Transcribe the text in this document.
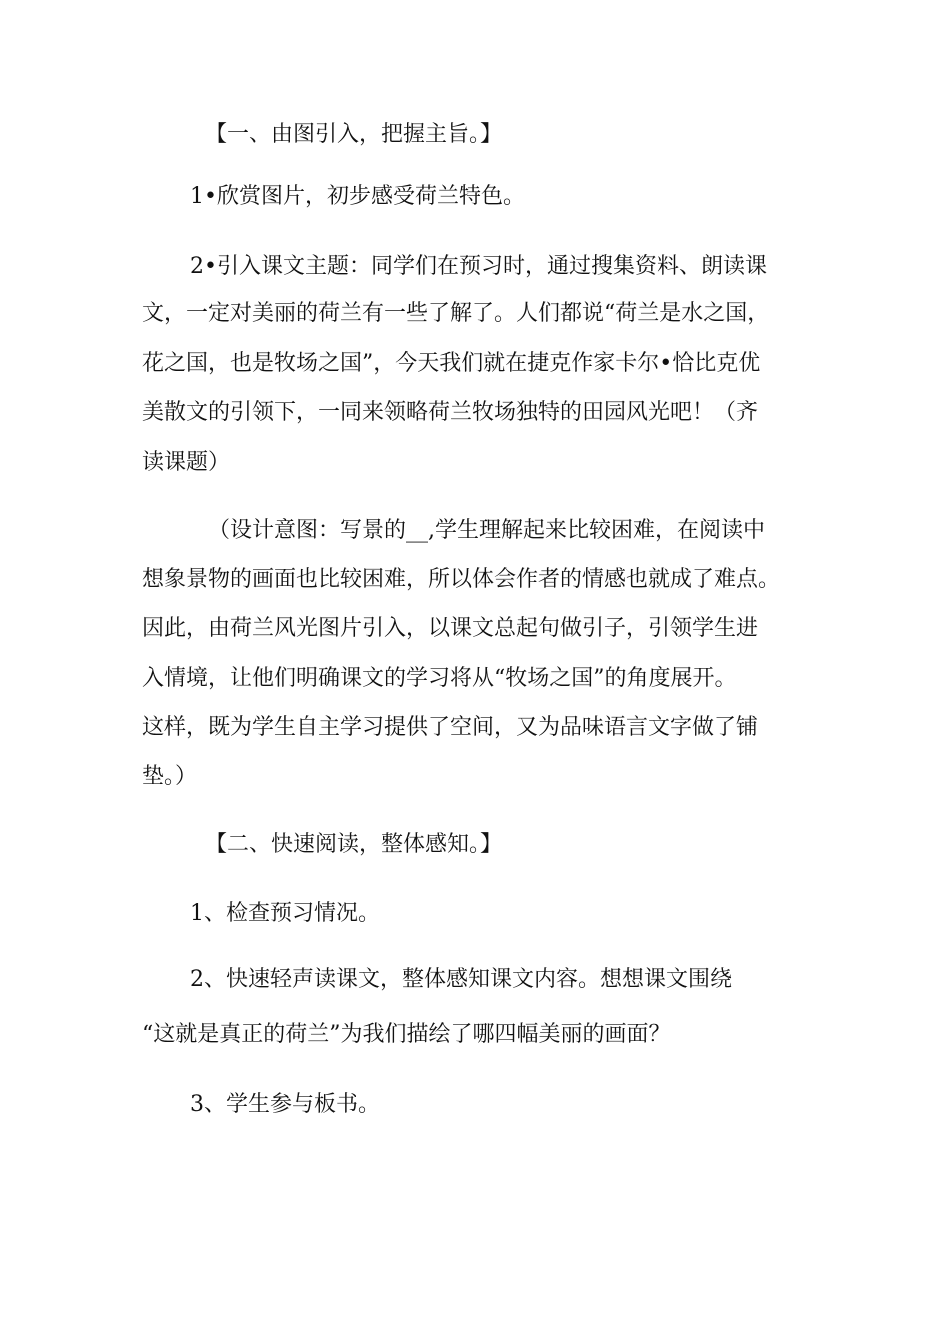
【一、由图引入，把握主旨。】
1•欣赏图片，初步感受荷兰特色。
2•引入课文主题：同学们在预习时，通过搜集资料、朗读课
文，一定对美丽的荷兰有一些了解了。人们都说“荷兰是水之国，
花之国，也是牧场之国”，今天我们就在捷克作家卡尔•恰比克优
美散文的引领下，一同来领略荷兰牧场独特的田园风光吧！（齐
读课题）
（设计意图：写景的__,学生理解起来比较困难，在阅读中
想象景物的画面也比较困难，所以体会作者的情感也就成了难点。
因此，由荷兰风光图片引入，以课文总起句做引子，引领学生进
入情境，让他们明确课文的学习将从“牧场之国”的角度展开。
这样，既为学生自主学习提供了空间，又为品味语言文字做了铺
垫。）
【二、快速阅读，整体感知。】
1、检查预习情况。
2、快速轻声读课文，整体感知课文内容。想想课文围绕
“这就是真正的荷兰”为我们描绘了哪四幅美丽的画面？
3、学生参与板书。
